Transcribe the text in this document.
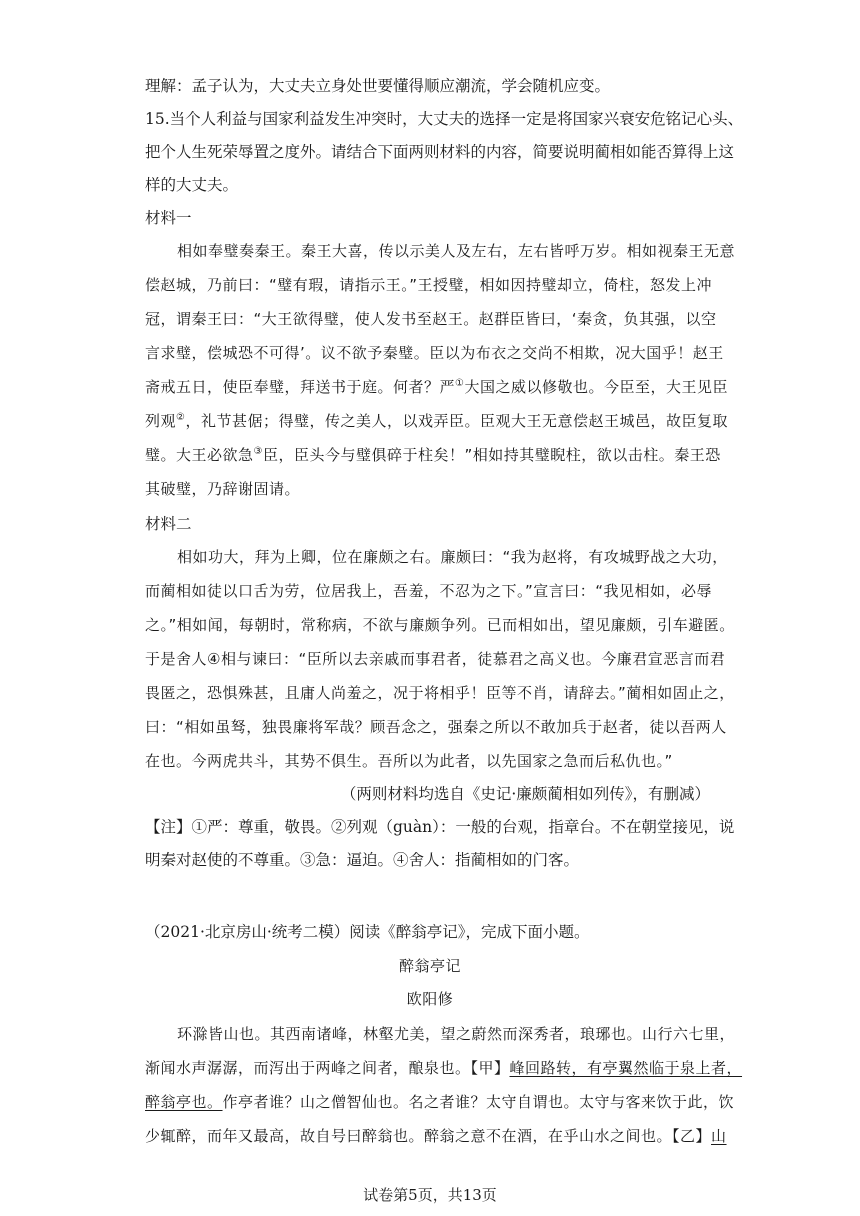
理解：孟子认为，大丈夫立身处世要懂得顺应潮流，学会随机应变。
15.当个人利益与国家利益发生冲突时，大丈夫的选择一定是将国家兴衰安危铭记心头、
把个人生死荣辱置之度外。请结合下面两则材料的内容，简要说明蔺相如能否算得上这
样的大丈夫。
材料一
相如奉璧奏秦王。秦王大喜，传以示美人及左右，左右皆呼万岁。相如视秦王无意
偿赵城，乃前曰：“璧有瑕，请指示王。”王授璧，相如因持璧却立，倚柱，怒发上冲
冠，谓秦王曰：“大王欲得璧，使人发书至赵王。赵群臣皆曰，‘秦贪，负其强，以空
言求璧，偿城恐不可得’。议不欲予秦璧。臣以为布衣之交尚不相欺，况大国乎！赵王
斋戒五日，使臣奉璧，拜送书于庭。何者？严①大国之威以修敬也。今臣至，大王见臣
列观②，礼节甚倨；得璧，传之美人，以戏弄臣。臣观大王无意偿赵王城邑，故臣复取
璧。大王必欲急③臣，臣头今与璧俱碎于柱矣！”相如持其璧睨柱，欲以击柱。秦王恐
其破璧，乃辞谢固请。
材料二
相如功大，拜为上卿，位在廉颇之右。廉颇曰：“我为赵将，有攻城野战之大功，
而蔺相如徒以口舌为劳，位居我上，吾羞，不忍为之下。”宣言曰：“我见相如，必辱
之。”相如闻，每朝时，常称病，不欲与廉颇争列。已而相如出，望见廉颇，引车避匿。
于是舍人④相与谏曰：“臣所以去亲戚而事君者，徒慕君之高义也。今廉君宣恶言而君
畏匿之，恐惧殊甚，且庸人尚羞之，况于将相乎！臣等不肖，请辞去。”蔺相如固止之，
曰：“相如虽驽，独畏廉将军哉？顾吾念之，强秦之所以不敢加兵于赵者，徒以吾两人
在也。今两虎共斗，其势不俱生。吾所以为此者，以先国家之急而后私仇也。”
（两则材料均选自《史记·廉颇蔺相如列传》，有删减）
【注】①严：尊重，敬畏。②列观（guàn）：一般的台观，指章台。不在朝堂接见，说
明秦对赵使的不尊重。③急：逼迫。④舍人：指蔺相如的门客。
（2021·北京房山·统考二模）阅读《醉翁亭记》，完成下面小题。
醉翁亭记
欧阳修
环滁皆山也。其西南诸峰，林壑尤美，望之蔚然而深秀者，琅琊也。山行六七里，
渐闻水声潺潺，而泻出于两峰之间者，酿泉也。【甲】峰回路转，有亭翼然临于泉上者，
醉翁亭也。作亭者谁？山之僧智仙也。名之者谁？太守自谓也。太守与客来饮于此，饮
少辄醉，而年又最高，故自号曰醉翁也。醉翁之意不在酒，在乎山水之间也。【乙】山
试卷第5页，共13页
